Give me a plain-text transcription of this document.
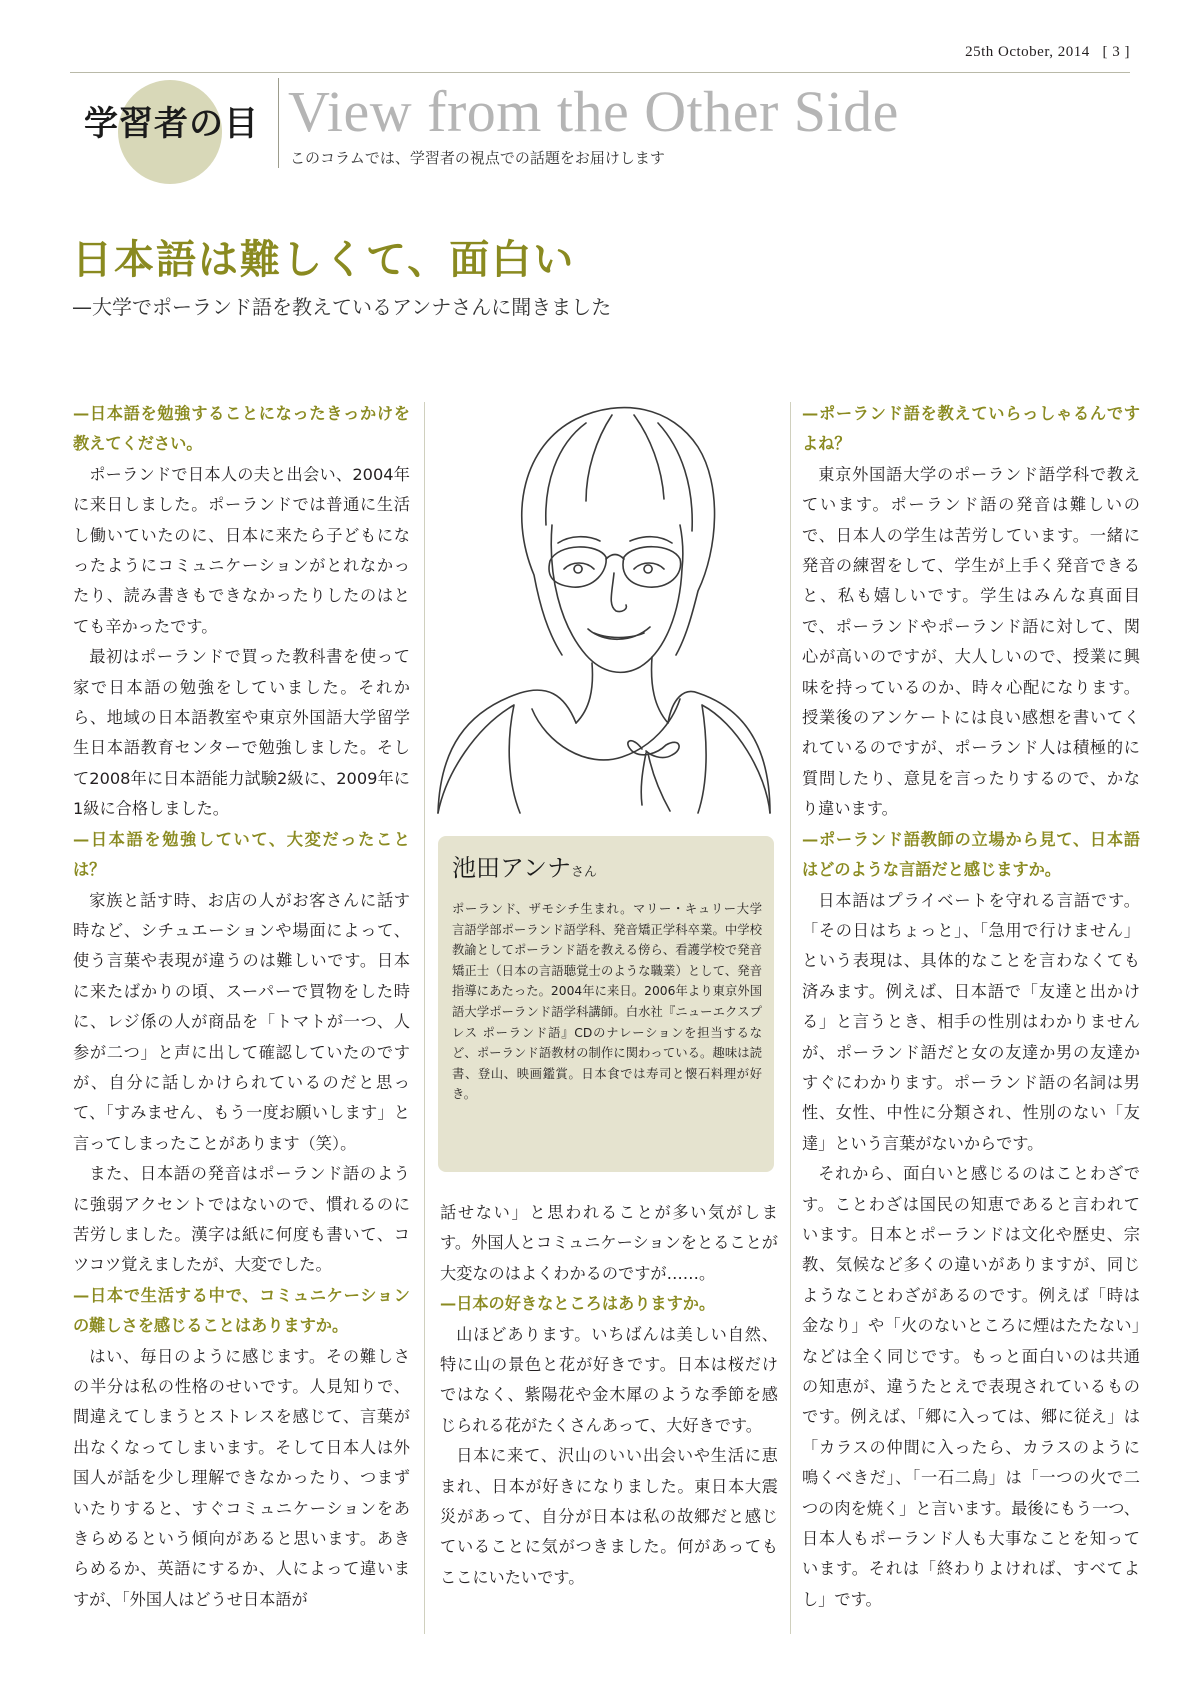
25th October, 2014 [ 3 ]
学習者の目 View from the Other Side
このコラムでは、学習者の視点での話題をお届けします
日本語は難しくて、面白い
—大学でポーランド語を教えているアンナさんに聞きました

—日本語を勉強することになったきっかけを教えてください。

ポーランドで日本人の夫と出会い、2004年に来日しました。ポーランドでは普通に生活し働いていたのに、日本に来たら子どもになったようにコミュニケーションがとれなかったり、読み書きもできなかったりしたのはとても辛かったです。

最初はポーランドで買った教科書を使って家で日本語の勉強をしていました。それから、地域の日本語教室や東京外国語大学留学生日本語教育センターで勉強しました。そして2008年に日本語能力試験2級に、2009年に1級に合格しました。

—日本語を勉強していて、大変だったことは？

家族と話す時、お店の人がお客さんに話す時など、シチュエーションや場面によって、使う言葉や表現が違うのは難しいです。日本に来たばかりの頃、スーパーで買物をした時に、レジ係の人が商品を「トマトが一つ、人参が二つ」と声に出して確認していたのですが、自分に話しかけられているのだと思って、「すみません、もう一度お願いします」と言ってしまったことがあります（笑）。

また、日本語の発音はポーランド語のように強弱アクセントではないので、慣れるのに苦労しました。漢字は紙に何度も書いて、コツコツ覚えましたが、大変でした。

—日本で生活する中で、コミュニケーションの難しさを感じることはありますか。

はい、毎日のように感じます。その難しさの半分は私の性格のせいです。人見知りで、間違えてしまうとストレスを感じて、言葉が出なくなってしまいます。そして日本人は外国人が話を少し理解できなかったり、つまずいたりすると、すぐコミュニケーションをあきらめるという傾向があると思います。あきらめるか、英語にするか、人によって違いますが、「外国人はどうせ日本語が

池田アンナさん
ポーランド、ザモシチ生まれ。マリー・キュリー大学 言語学部ポーランド語学科、発音矯正学科卒業。中学校教諭としてポーランド語を教える傍ら、看護学校で発音矯正士（日本の言語聴覚士のような職業）として、発音指導にあたった。2004年に来日。2006年より東京外国語大学ポーランド語学科講師。白水社『ニューエクスプレス ポーランド語』CDのナレーションを担当するなど、ポーランド語教材の制作に関わっている。趣味は読書、登山、映画鑑賞。日本食では寿司と懐石料理が好き。

話せない」と思われることが多い気がします。外国人とコミュニケーションをとることが大変なのはよくわかるのですが……。

—日本の好きなところはありますか。

山ほどあります。いちばんは美しい自然、特に山の景色と花が好きです。日本は桜だけではなく、紫陽花や金木犀のような季節を感じられる花がたくさんあって、大好きです。

日本に来て、沢山のいい出会いや生活に恵まれ、日本が好きになりました。東日本大震災があって、自分が日本は私の故郷だと感じていることに気がつきました。何があってもここにいたいです。

—ポーランド語を教えていらっしゃるんですよね？

東京外国語大学のポーランド語学科で教えています。ポーランド語の発音は難しいので、日本人の学生は苦労しています。一緒に発音の練習をして、学生が上手く発音できると、私も嬉しいです。学生はみんな真面目で、ポーランドやポーランド語に対して、関心が高いのですが、大人しいので、授業に興味を持っているのか、時々心配になります。授業後のアンケートには良い感想を書いてくれているのですが、ポーランド人は積極的に質問したり、意見を言ったりするので、かなり違います。

—ポーランド語教師の立場から見て、日本語はどのような言語だと感じますか。

日本語はプライベートを守れる言語です。「その日はちょっと」、「急用で行けません」という表現は、具体的なことを言わなくても済みます。例えば、日本語で「友達と出かける」と言うとき、相手の性別はわかりませんが、ポーランド語だと女の友達か男の友達かすぐにわかります。ポーランド語の名詞は男性、女性、中性に分類され、性別のない「友達」という言葉がないからです。

それから、面白いと感じるのはことわざです。ことわざは国民の知恵であると言われています。日本とポーランドは文化や歴史、宗教、気候など多くの違いがありますが、同じようなことわざがあるのです。例えば「時は金なり」や「火のないところに煙はたたない」などは全く同じです。もっと面白いのは共通の知恵が、違うたとえで表現されているものです。例えば、「郷に入っては、郷に従え」は「カラスの仲間に入ったら、カラスのように鳴くべきだ」、「一石二鳥」は「一つの火で二つの肉を焼く」と言います。最後にもう一つ、日本人もポーランド人も大事なことを知っています。それは「終わりよければ、すべてよし」です。
